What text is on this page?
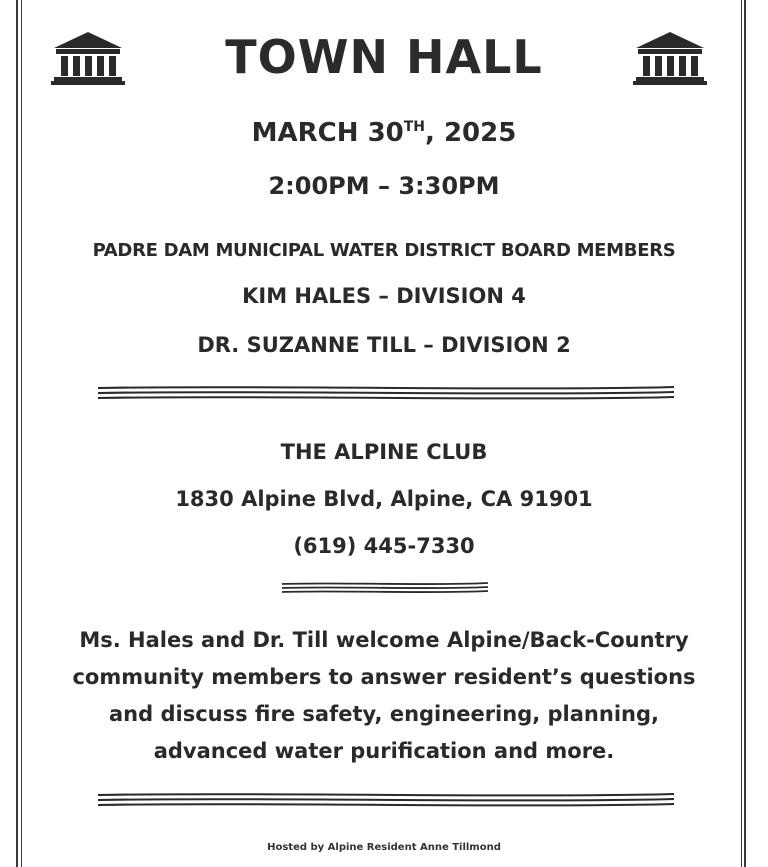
TOWN HALL
MARCH 30TH, 2025
2:00PM – 3:30PM
PADRE DAM MUNICIPAL WATER DISTRICT BOARD MEMBERS
KIM HALES – DIVISION 4
DR. SUZANNE TILL – DIVISION 2
THE ALPINE CLUB
1830 Alpine Blvd, Alpine, CA 91901
(619) 445-7330
Ms. Hales and Dr. Till welcome Alpine/Back-Country community members to answer resident’s questions and discuss fire safety, engineering, planning, advanced water purification and more.
Hosted by Alpine Resident Anne Tillmond
